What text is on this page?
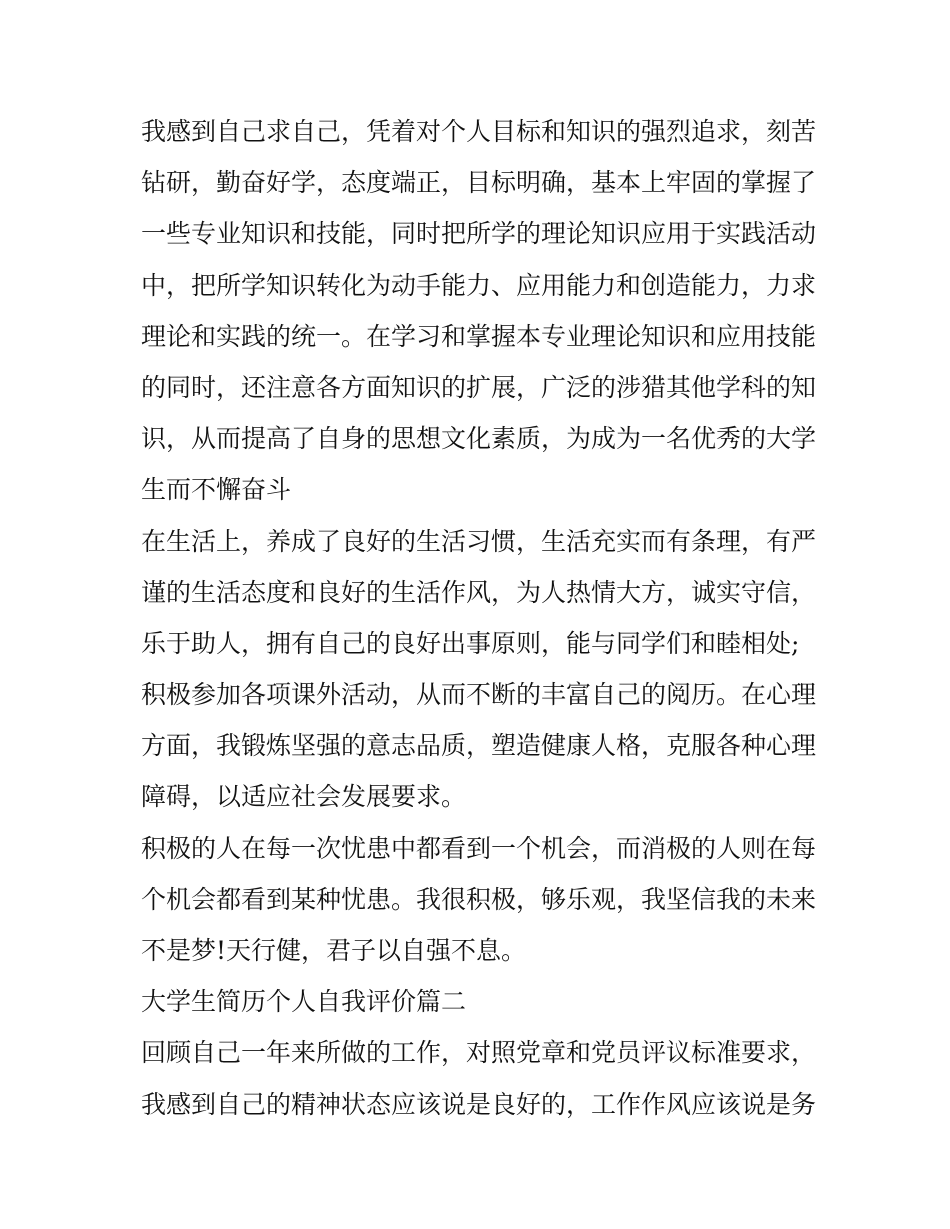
我感到自己求自己，凭着对个人目标和知识的强烈追求，刻苦
钻研，勤奋好学，态度端正，目标明确，基本上牢固的掌握了
一些专业知识和技能，同时把所学的理论知识应用于实践活动
中，把所学知识转化为动手能力、应用能力和创造能力，力求
理论和实践的统一。在学习和掌握本专业理论知识和应用技能
的同时，还注意各方面知识的扩展，广泛的涉猎其他学科的知
识，从而提高了自身的思想文化素质，为成为一名优秀的大学
生而不懈奋斗
在生活上，养成了良好的生活习惯，生活充实而有条理，有严
谨的生活态度和良好的生活作风，为人热情大方，诚实守信，
乐于助人，拥有自己的良好出事原则，能与同学们和睦相处;
积极参加各项课外活动，从而不断的丰富自己的阅历。在心理
方面，我锻炼坚强的意志品质，塑造健康人格，克服各种心理
障碍，以适应社会发展要求。
积极的人在每一次忧患中都看到一个机会，而消极的人则在每
个机会都看到某种忧患。我很积极，够乐观，我坚信我的未来
不是梦!天行健，君子以自强不息。
大学生简历个人自我评价篇二
回顾自己一年来所做的工作，对照党章和党员评议标准要求，
我感到自己的精神状态应该说是良好的，工作作风应该说是务
